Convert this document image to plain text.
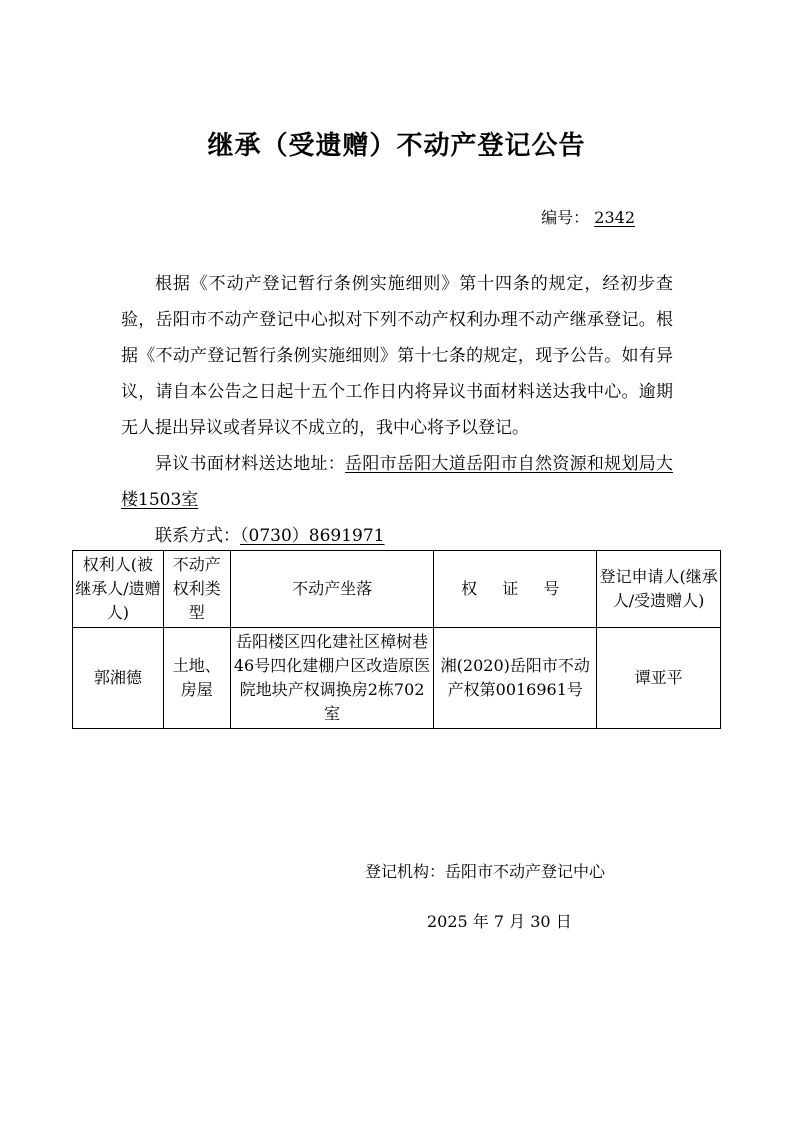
继承（受遗赠）不动产登记公告
编号： 2342

根据《不动产登记暂行条例实施细则》第十四条的规定，经初步查验，岳阳市不动产登记中心拟对下列不动产权利办理不动产继承登记。根据《不动产登记暂行条例实施细则》第十七条的规定，现予公告。如有异议，请自本公告之日起十五个工作日内将异议书面材料送达我中心。逾期无人提出异议或者异议不成立的，我中心将予以登记。

异议书面材料送达地址：岳阳市岳阳大道岳阳市自然资源和规划局大楼1503室

联系方式：（0730）8691971

权利人(被继承人/遗赠人)	不动产权利类型	不动产坐落	权 证 号	登记申请人(继承人/受遗赠人)
郭湘德	土地、房屋	岳阳楼区四化建社区樟树巷46号四化建棚户区改造原医院地块产权调换房2栋702室	湘(2020)岳阳市不动产权第0016961号	谭亚平
登记机构：岳阳市不动产登记中心
2025 年 7 月 30 日
